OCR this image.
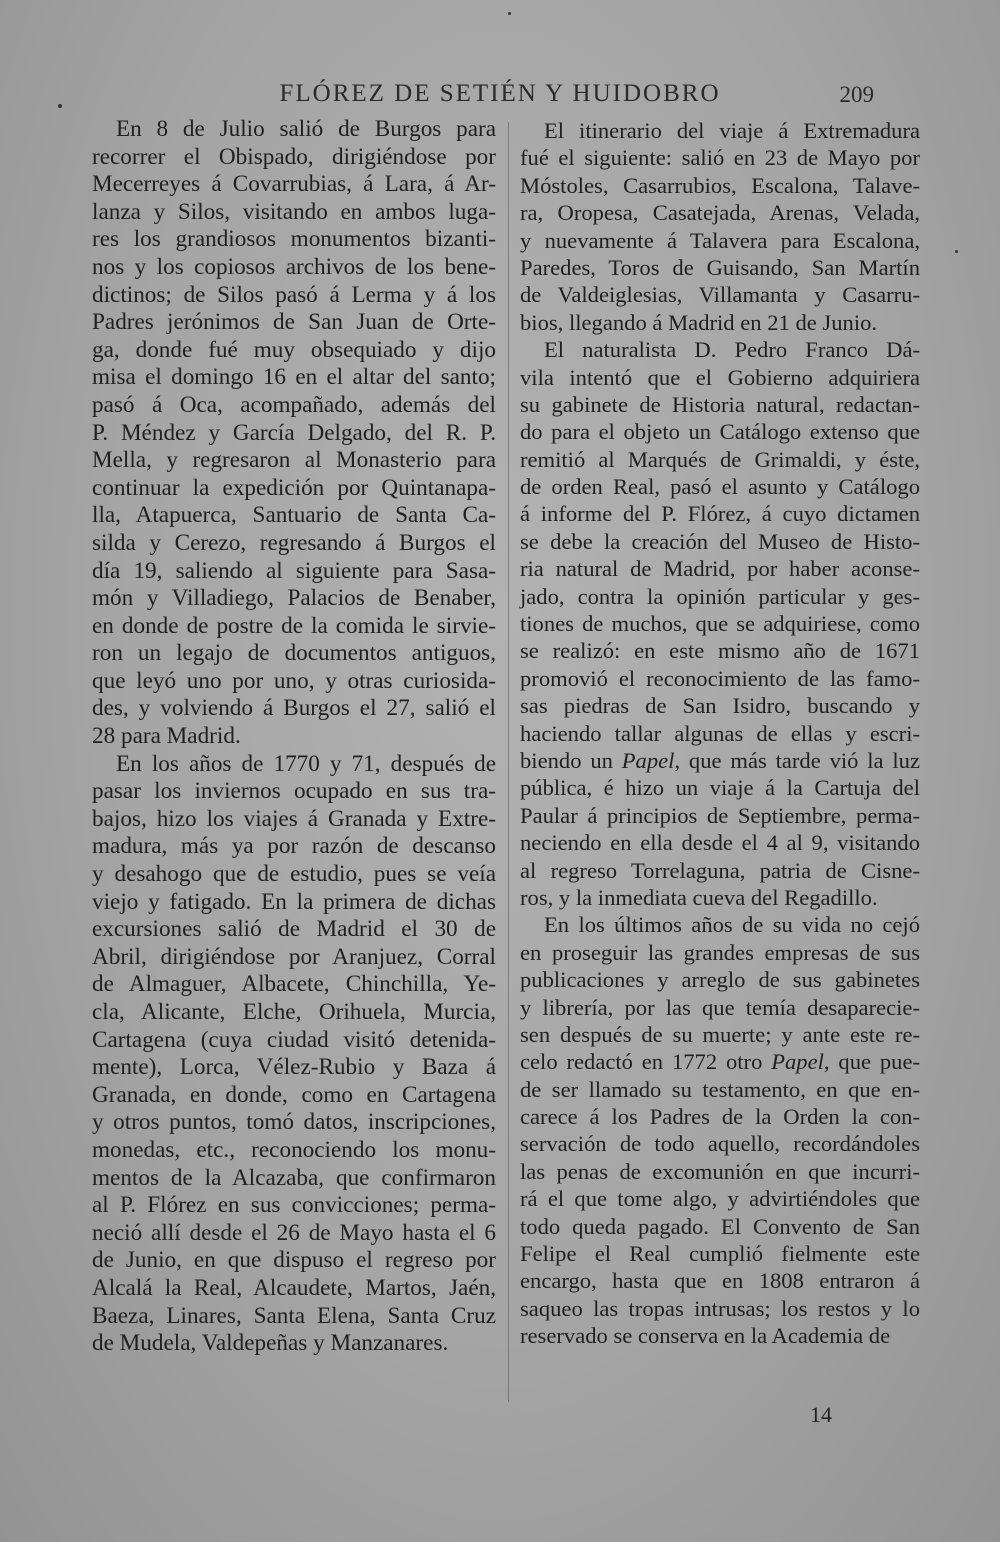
FLÓREZ DE SETIÉN Y HUIDOBRO	209
En 8 de Julio salió de Burgos para
recorrer el Obispado, dirigiéndose por
Mecerreyes á Covarrubias, á Lara, á Ar-
lanza y Silos, visitando en ambos luga-
res los grandiosos monumentos bizanti-
nos y los copiosos archivos de los bene-
dictinos; de Silos pasó á Lerma y á los
Padres jerónimos de San Juan de Orte-
ga, donde fué muy obsequiado y dijo
misa el domingo 16 en el altar del santo;
pasó á Oca, acompañado, además del
P. Méndez y García Delgado, del R. P.
Mella, y regresaron al Monasterio para
continuar la expedición por Quintanapa-
lla, Atapuerca, Santuario de Santa Ca-
silda y Cerezo, regresando á Burgos el
día 19, saliendo al siguiente para Sasa-
món y Villadiego, Palacios de Benaber,
en donde de postre de la comida le sirvie-
ron un legajo de documentos antiguos,
que leyó uno por uno, y otras curiosida-
des, y volviendo á Burgos el 27, salió el
28 para Madrid.
En los años de 1770 y 71, después de
pasar los inviernos ocupado en sus tra-
bajos, hizo los viajes á Granada y Extre-
madura, más ya por razón de descanso
y desahogo que de estudio, pues se veía
viejo y fatigado. En la primera de dichas
excursiones salió de Madrid el 30 de
Abril, dirigiéndose por Aranjuez, Corral
de Almaguer, Albacete, Chinchilla, Ye-
cla, Alicante, Elche, Orihuela, Murcia,
Cartagena (cuya ciudad visitó detenida-
mente), Lorca, Vélez-Rubio y Baza á
Granada, en donde, como en Cartagena
y otros puntos, tomó datos, inscripciones,
monedas, etc., reconociendo los monu-
mentos de la Alcazaba, que confirmaron
al P. Flórez en sus convicciones; perma-
neció allí desde el 26 de Mayo hasta el 6
de Junio, en que dispuso el regreso por
Alcalá la Real, Alcaudete, Martos, Jaén,
Baeza, Linares, Santa Elena, Santa Cruz
de Mudela, Valdepeñas y Manzanares.
El itinerario del viaje á Extremadura
fué el siguiente: salió en 23 de Mayo por
Móstoles, Casarrubios, Escalona, Talave-
ra, Oropesa, Casatejada, Arenas, Velada,
y nuevamente á Talavera para Escalona,
Paredes, Toros de Guisando, San Martín
de Valdeiglesias, Villamanta y Casarru-
bios, llegando á Madrid en 21 de Junio.
El naturalista D. Pedro Franco Dá-
vila intentó que el Gobierno adquiriera
su gabinete de Historia natural, redactan-
do para el objeto un Catálogo extenso que
remitió al Marqués de Grimaldi, y éste,
de orden Real, pasó el asunto y Catálogo
á informe del P. Flórez, á cuyo dictamen
se debe la creación del Museo de Histo-
ria natural de Madrid, por haber aconse-
jado, contra la opinión particular y ges-
tiones de muchos, que se adquiriese, como
se realizó: en este mismo año de 1671
promovió el reconocimiento de las famo-
sas piedras de San Isidro, buscando y
haciendo tallar algunas de ellas y escri-
biendo un Papel, que más tarde vió la luz
pública, é hizo un viaje á la Cartuja del
Paular á principios de Septiembre, perma-
neciendo en ella desde el 4 al 9, visitando
al regreso Torrelaguna, patria de Cisne-
ros, y la inmediata cueva del Regadillo.
En los últimos años de su vida no cejó
en proseguir las grandes empresas de sus
publicaciones y arreglo de sus gabinetes
y librería, por las que temía desaparecie-
sen después de su muerte; y ante este re-
celo redactó en 1772 otro Papel, que pue-
de ser llamado su testamento, en que en-
carece á los Padres de la Orden la con-
servación de todo aquello, recordándoles
las penas de excomunión en que incurri-
rá el que tome algo, y advirtiéndoles que
todo queda pagado. El Convento de San
Felipe el Real cumplió fielmente este
encargo, hasta que en 1808 entraron á
saqueo las tropas intrusas; los restos y lo
reservado se conserva en la Academia de
14
